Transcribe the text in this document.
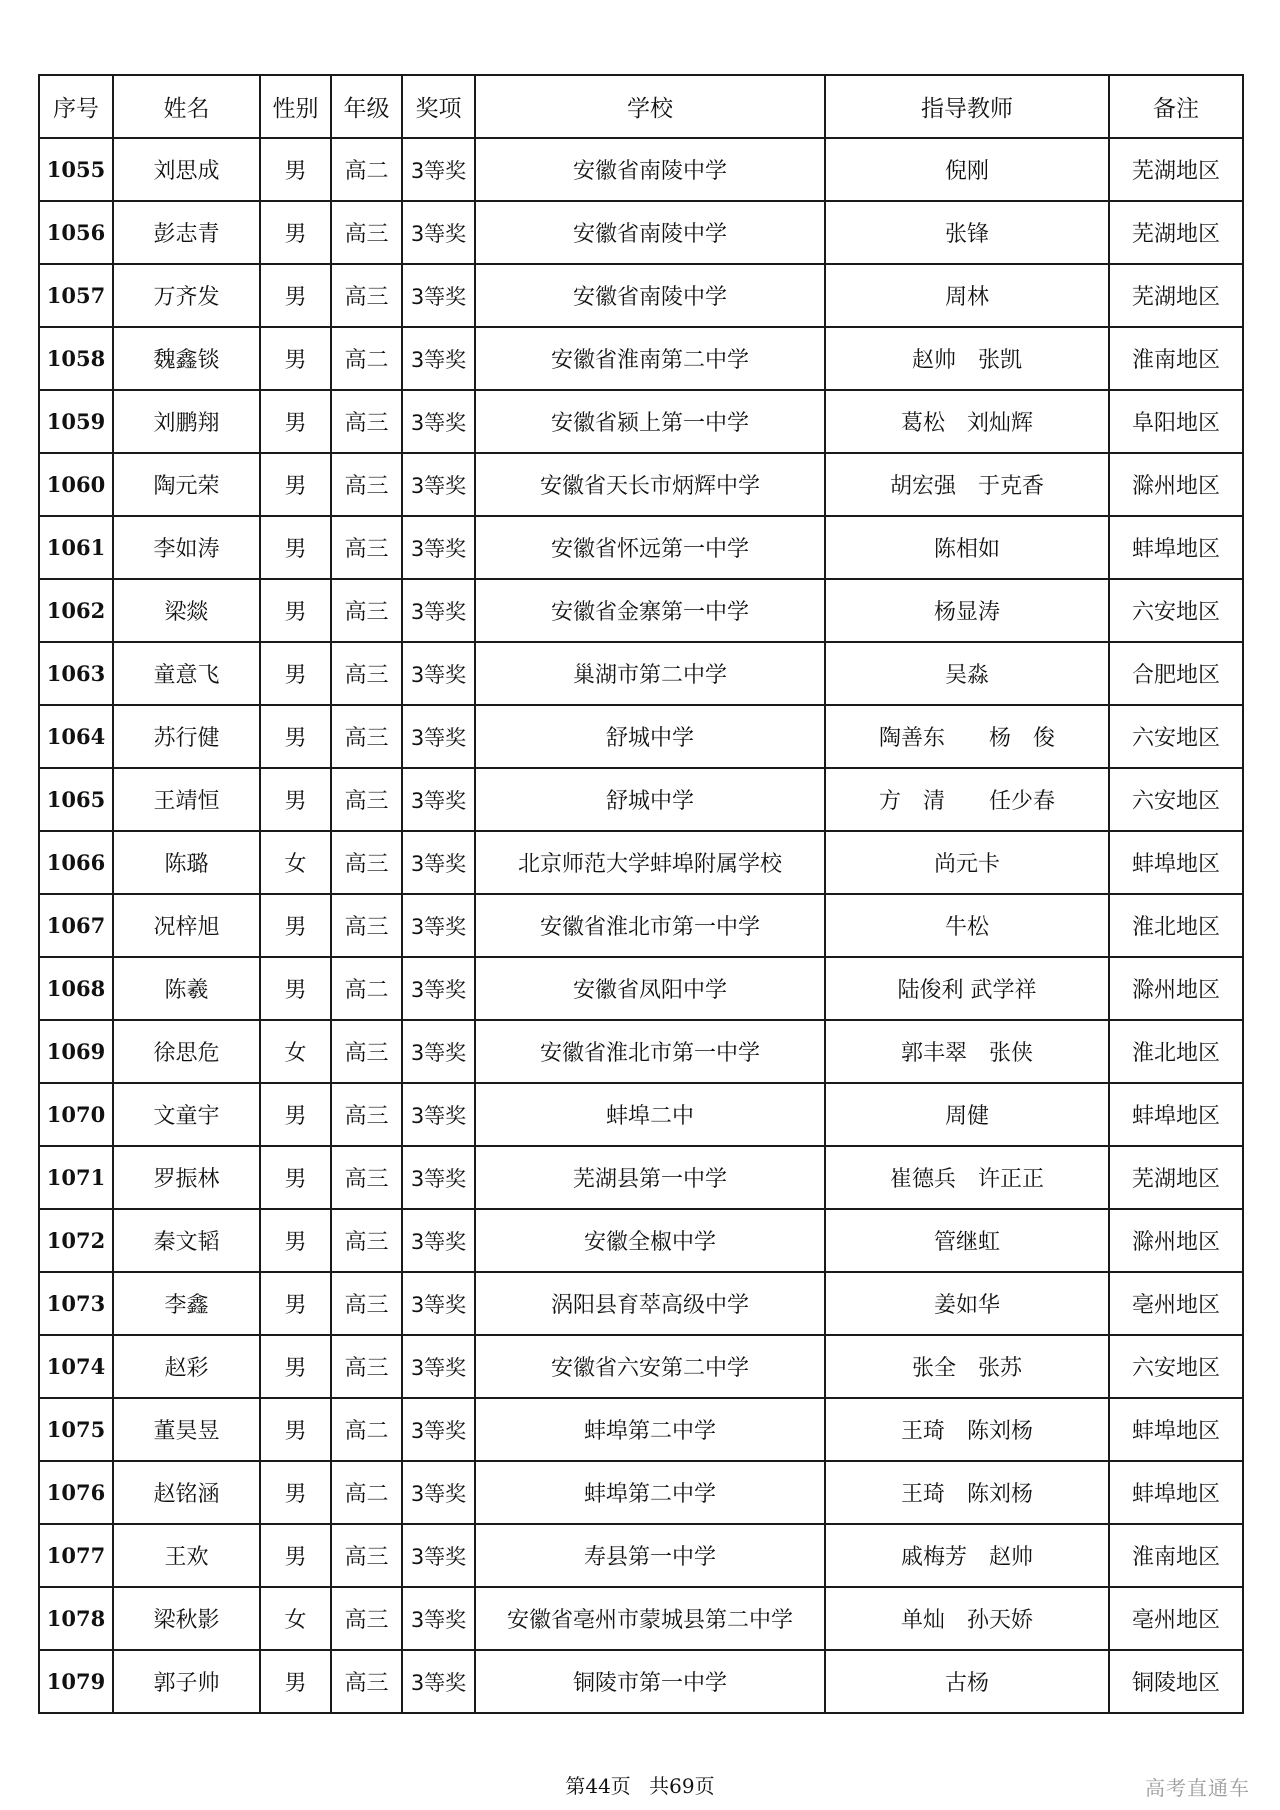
序号	姓名	性别	年级	奖项	学校	指导教师	备注
1055	刘思成	男	高二	3等奖	安徽省南陵中学	倪刚	芜湖地区
1056	彭志青	男	高三	3等奖	安徽省南陵中学	张锋	芜湖地区
1057	万齐发	男	高三	3等奖	安徽省南陵中学	周林	芜湖地区
1058	魏鑫锬	男	高二	3等奖	安徽省淮南第二中学	赵帅　张凯	淮南地区
1059	刘鹏翔	男	高三	3等奖	安徽省颍上第一中学	葛松　刘灿辉	阜阳地区
1060	陶元荣	男	高三	3等奖	安徽省天长市炳辉中学	胡宏强　于克香	滁州地区
1061	李如涛	男	高三	3等奖	安徽省怀远第一中学	陈相如	蚌埠地区
1062	梁燚	男	高三	3等奖	安徽省金寨第一中学	杨显涛	六安地区
1063	童意飞	男	高三	3等奖	巢湖市第二中学	吴淼	合肥地区
1064	苏行健	男	高三	3等奖	舒城中学	陶善东　　杨　俊	六安地区
1065	王靖恒	男	高三	3等奖	舒城中学	方　清　　任少春	六安地区
1066	陈璐	女	高三	3等奖	北京师范大学蚌埠附属学校	尚元卡	蚌埠地区
1067	况梓旭	男	高三	3等奖	安徽省淮北市第一中学	牛松	淮北地区
1068	陈羲	男	高二	3等奖	安徽省凤阳中学	陆俊利 武学祥	滁州地区
1069	徐思危	女	高三	3等奖	安徽省淮北市第一中学	郭丰翠　张侠	淮北地区
1070	文童宇	男	高三	3等奖	蚌埠二中	周健	蚌埠地区
1071	罗振林	男	高三	3等奖	芜湖县第一中学	崔德兵　许正正	芜湖地区
1072	秦文韬	男	高三	3等奖	安徽全椒中学	管继虹	滁州地区
1073	李鑫	男	高三	3等奖	涡阳县育萃高级中学	姜如华	亳州地区
1074	赵彩	男	高三	3等奖	安徽省六安第二中学	张全　张苏	六安地区
1075	董昊昱	男	高二	3等奖	蚌埠第二中学	王琦　陈刘杨	蚌埠地区
1076	赵铭涵	男	高二	3等奖	蚌埠第二中学	王琦　陈刘杨	蚌埠地区
1077	王欢	男	高三	3等奖	寿县第一中学	戚梅芳　赵帅	淮南地区
1078	梁秋影	女	高三	3等奖	安徽省亳州市蒙城县第二中学	单灿　孙天娇	亳州地区
1079	郭子帅	男	高三	3等奖	铜陵市第一中学	古杨	铜陵地区
第44页 共69页	高考直通车
